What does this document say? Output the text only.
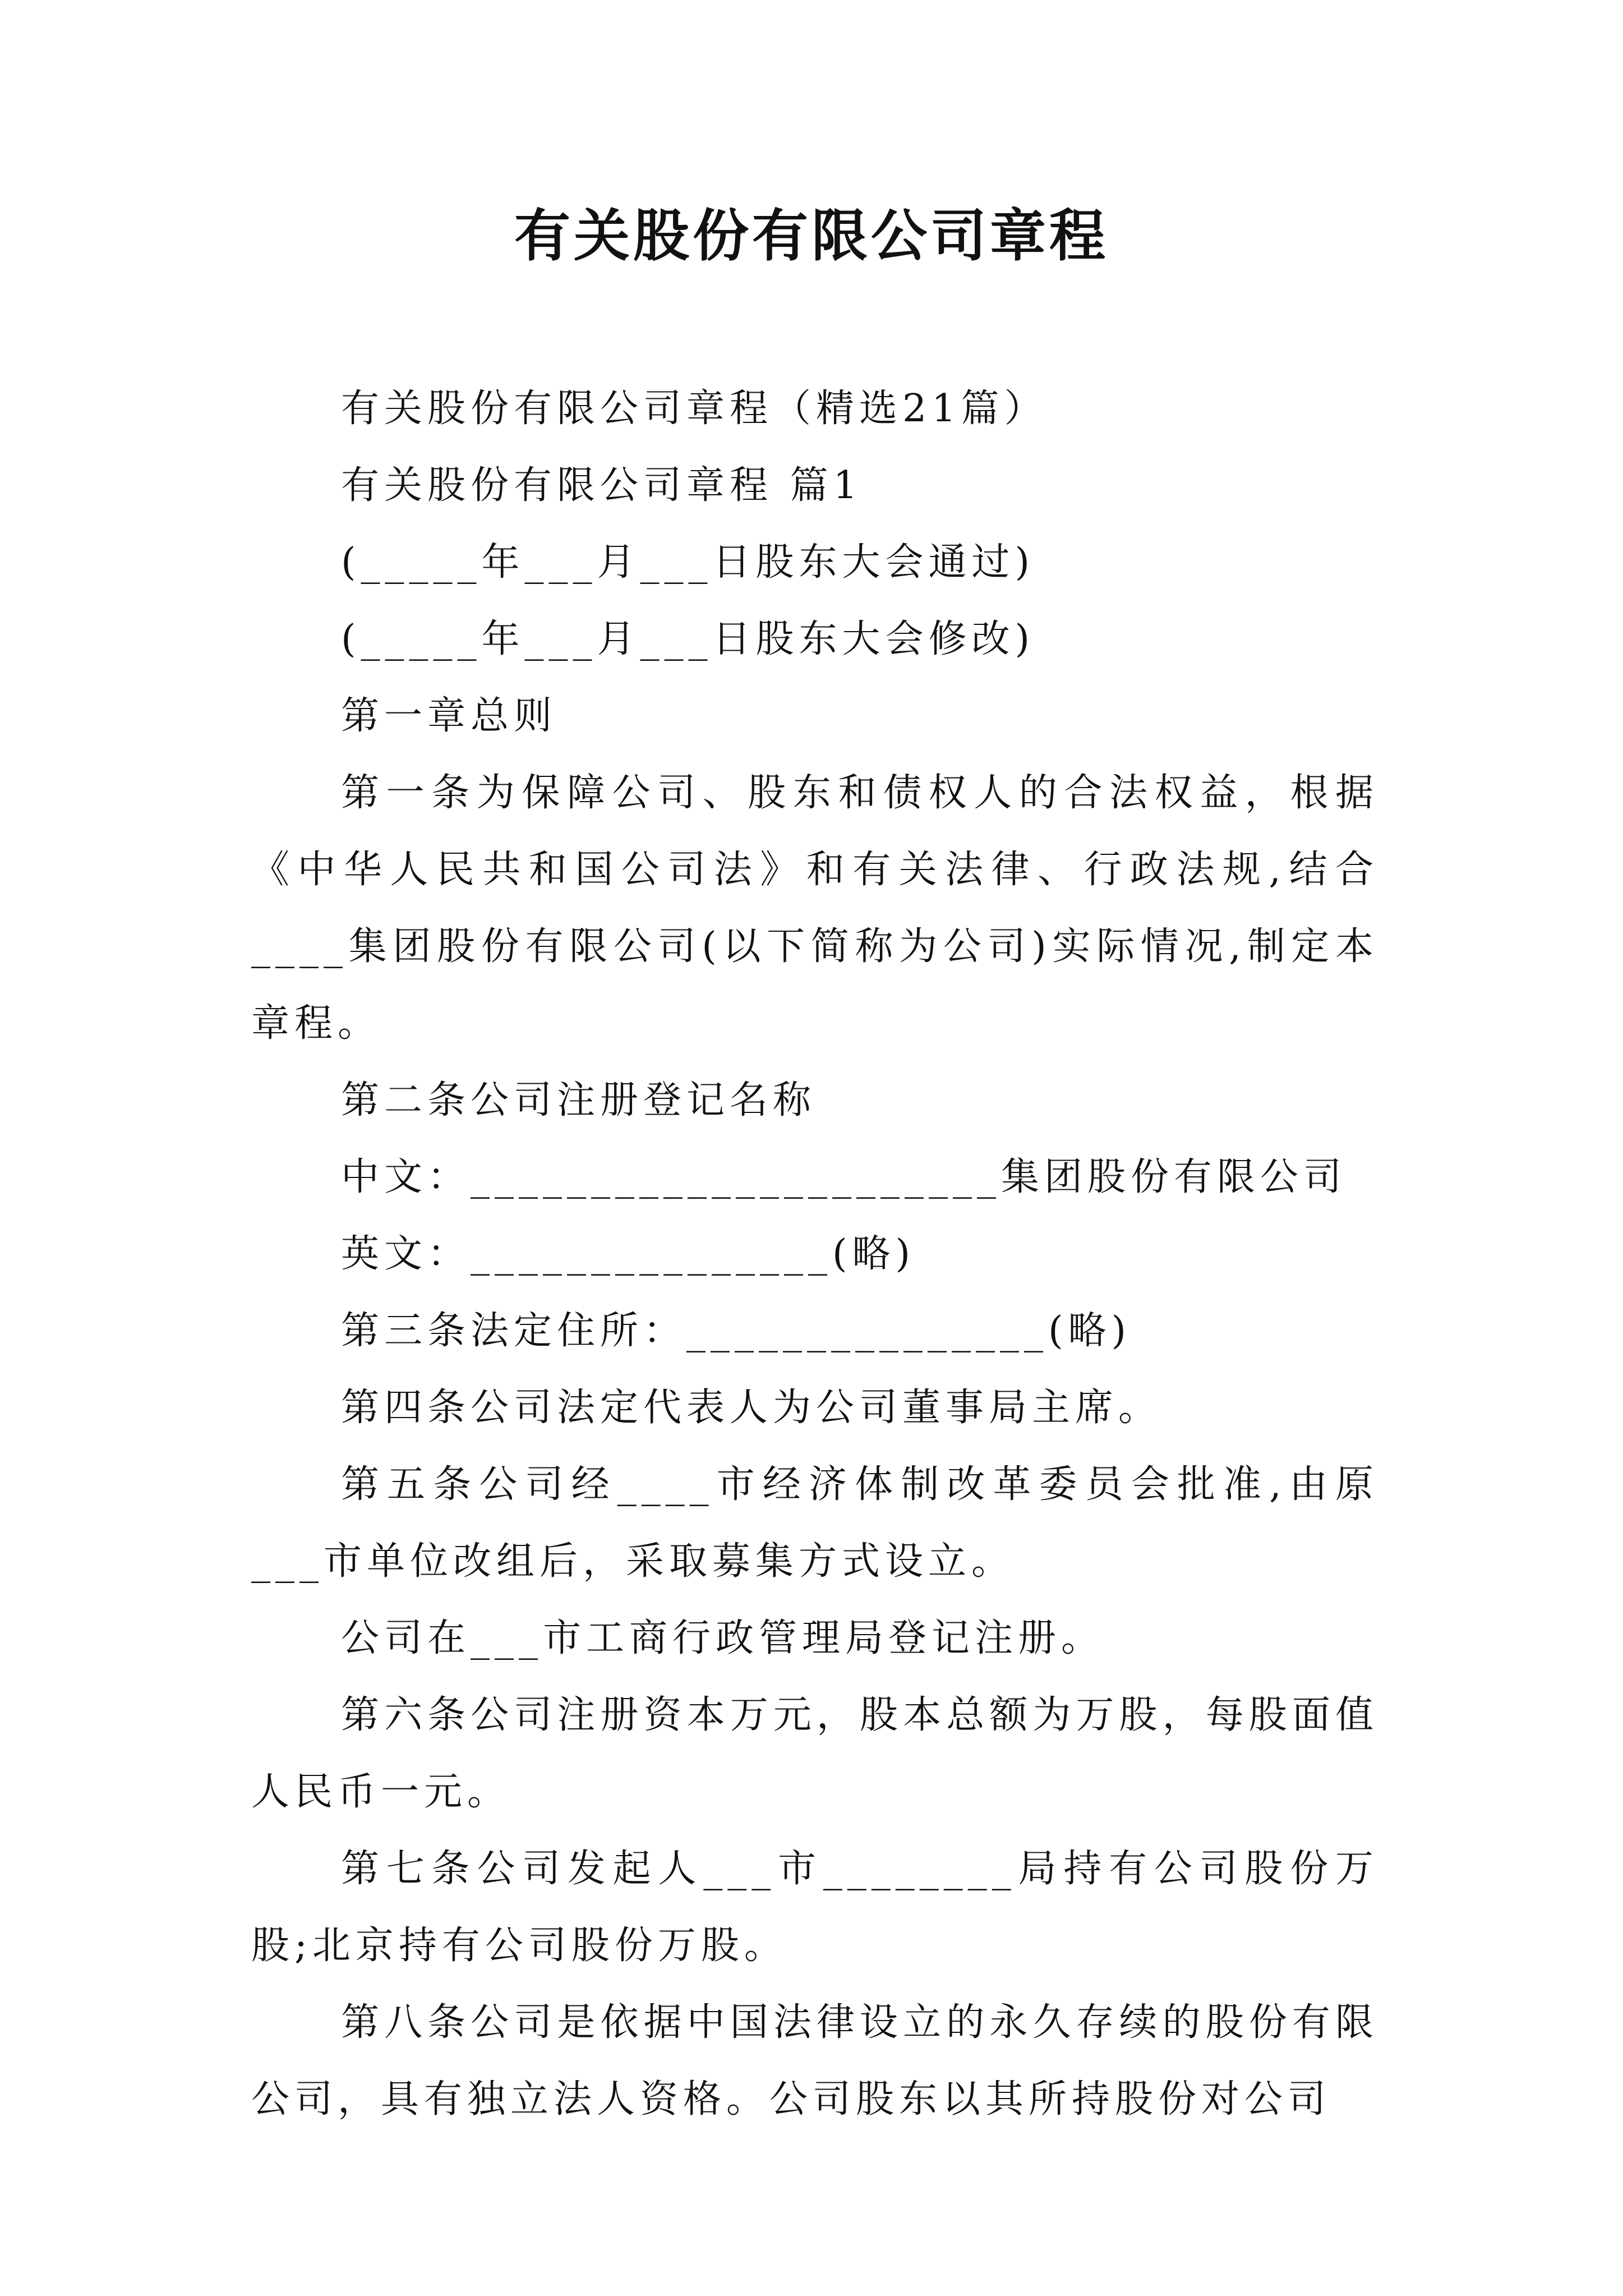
有关股份有限公司章程

有关股份有限公司章程（精选21篇）

有关股份有限公司章程 篇1

(_____年___月___日股东大会通过)

(_____年___月___日股东大会修改)

第一章总则

第一条为保障公司、股东和债权人的合法权益，根据《中华人民共和国公司法》和有关法律、行政法规,结合____集团股份有限公司(以下简称为公司)实际情况,制定本章程。

第二条公司注册登记名称

中文：______________________集团股份有限公司

英文：_______________(略)

第三条法定住所：_______________(略)

第四条公司法定代表人为公司董事局主席。

第五条公司经____市经济体制改革委员会批准,由原___市单位改组后，采取募集方式设立。

公司在___市工商行政管理局登记注册。

第六条公司注册资本万元，股本总额为万股，每股面值人民币一元。

第七条公司发起人___市________局持有公司股份万股;北京持有公司股份万股。

第八条公司是依据中国法律设立的永久存续的股份有限公司，具有独立法人资格。公司股东以其所持股份对公司
